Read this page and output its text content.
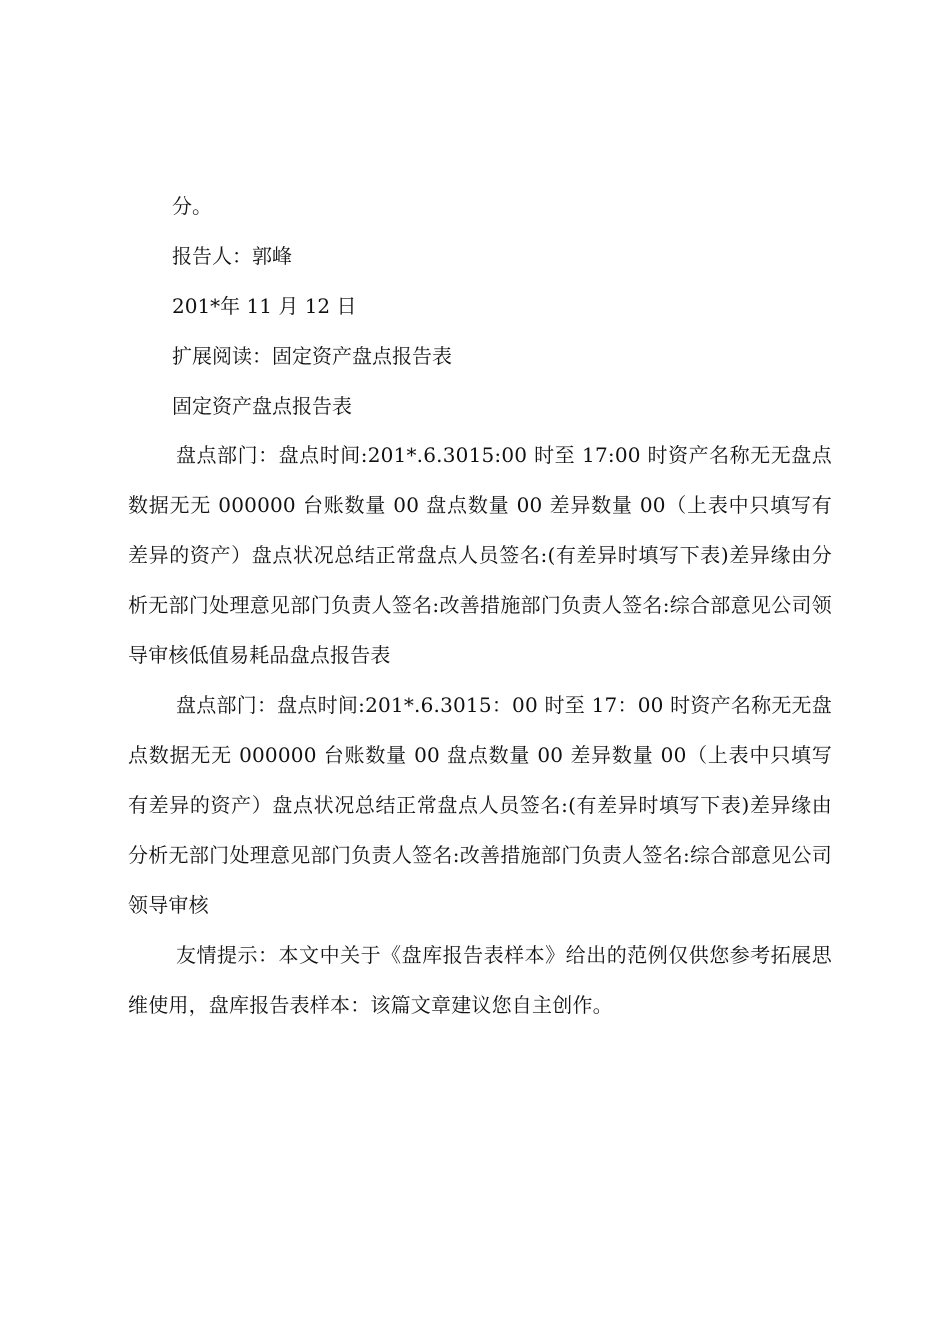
分。
报告人：郭峰
201*年 11 月 12 日
扩展阅读：固定资产盘点报告表
固定资产盘点报告表
盘点部门：盘点时间:201*.6.3015:00 时至 17:00 时资产名称无无盘点数据无无 000000 台账数量 00 盘点数量 00 差异数量 00（上表中只填写有差异的资产）盘点状况总结正常盘点人员签名:(有差异时填写下表)差异缘由分析无部门处理意见部门负责人签名:改善措施部门负责人签名:综合部意见公司领导审核低值易耗品盘点报告表
盘点部门：盘点时间:201*.6.3015：00 时至 17：00 时资产名称无无盘点数据无无 000000 台账数量 00 盘点数量 00 差异数量 00（上表中只填写有差异的资产）盘点状况总结正常盘点人员签名:(有差异时填写下表)差异缘由分析无部门处理意见部门负责人签名:改善措施部门负责人签名:综合部意见公司领导审核
友情提示：本文中关于《盘库报告表样本》给出的范例仅供您参考拓展思维使用，盘库报告表样本：该篇文章建议您自主创作。
